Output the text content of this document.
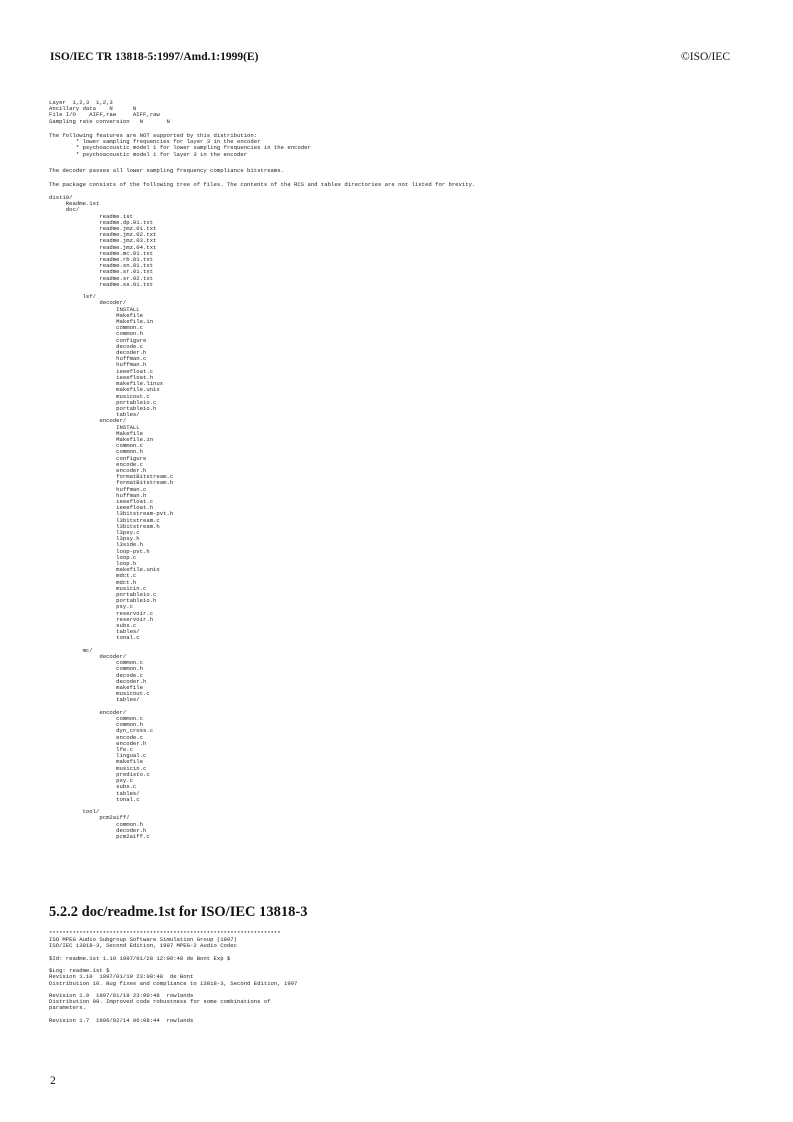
ISO/IEC TR 13818-5:1997/Amd.1:1999(E)	©ISO/IEC
Layer  1,2,3  1,2,3
Ancillary data    N      N
File I/O    AIFF,raw     AIFF,raw
Sampling rate conversion   N       N
The following features are NOT supported by this distribution:
* lower sampling frequencies for layer 3 in the encoder
* psychoacoustic model 1 for lower sampling frequencies in the encoder
* psychoacoustic model 1 for layer 3 in the encoder
The decoder passes all lower sampling frequency compliance bitstreams.
The package consists of the following tree of files. The contents of the RCS and tables directories are not listed for brevity.
dist10/
Readme.1st
doc/
readme.1st
readme.dp.01.txt
readme.jmz.01.txt
readme.jmz.02.txt
readme.jmz.03.txt
readme.jmz.04.txt
readme.mc.01.txt
readme.rb.01.txt
readme.sn.01.txt
readme.sr.01.txt
readme.sr.02.txt
readme.ss.01.txt

lsf/
decoder/
INSTALL
Makefile
Makefile.in
common.c
common.h
configure
decode.c
decoder.h
huffman.c
huffman.h
ieeefloat.c
ieeefloat.h
makefile.linux
makefile.unix
musicout.c
portableio.c
portableio.h
tables/
encoder/
INSTALL
Makefile
Makefile.in
common.c
common.h
configure
encode.c
encoder.h
formatBitstream.c
formatBitstream.h
huffman.c
huffman.h
ieeefloat.c
ieeefloat.h
l3bitstream-pvt.h
l3bitstream.c
l3bitstream.h
l3psy.c
l3psy.h
l3side.h
loop-pvt.h
loop.c
loop.h
makefile.unix
mdct.c
mdct.h
musicin.c
portableio.c
portableio.h
psy.c
reservoir.c
reservoir.h
subs.c
tables/
tonal.c

mc/
decoder/
common.c
common.h
decode.c
decoder.h
makefile
musicout.c
tables/

encoder/
common.c
common.h
dyn_cross.c
encode.c
encoder.h
lfe.c
lingual.c
makefile
musicin.c
predisto.c
psy.c
subs.c
tables/
tonal.c

tool/
pcm2aiff/
common.h
decoder.h
pcm2aiff.c
5.2.2 doc/readme.1st for ISO/IEC 13818-3
*********************************************************************
ISO MPEG Audio Subgroup Software Simulation Group (1997)
ISO/IEC 13818-3, Second Edition, 1997 MPEG-2 Audio Codec

$Id: readme.1st 1.10 1997/01/28 12:00:48 de Bont Exp $

$Log: readme.1st $
Revision 1.10  1997/01/19 23:00:48  de Bont
Distribution 10. Bug fixes and compliance to 13818-3, Second Edition, 1997

Revision 1.9  1997/01/19 23:00:48  rowlands
Distribution 09. Improved code robustness for some combinations of
parameters.

Revision 1.7  1996/02/14 06:08:44  rowlands
2
